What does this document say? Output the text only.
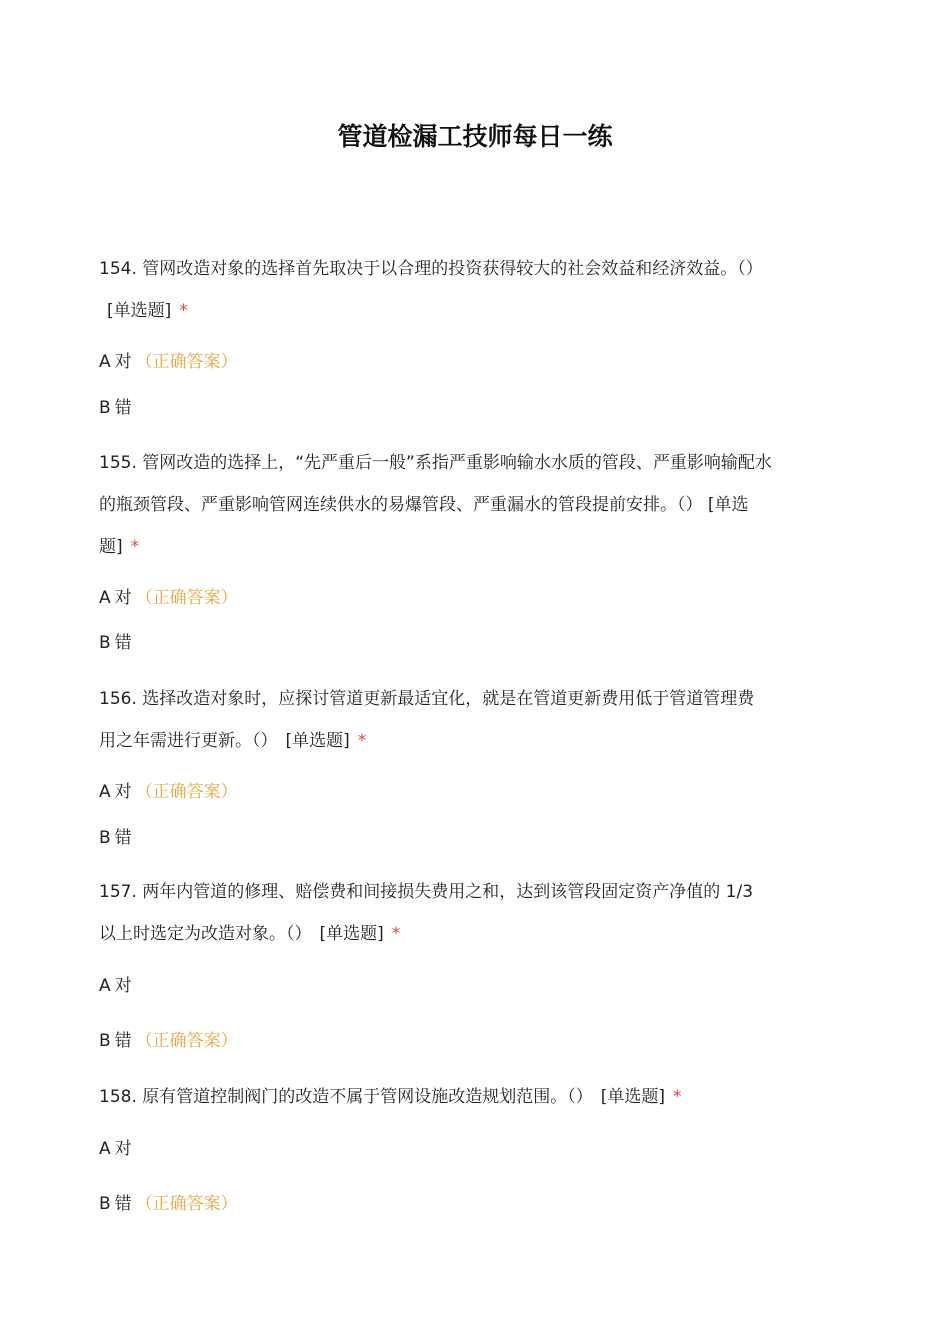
管道检漏工技师每日一练
154. 管网改造对象的选择首先取决于以合理的投资获得较大的社会效益和经济效益。（）
[单选题] *
A 对 （正确答案）
B 错
155. 管网改造的选择上，“先严重后一般”系指严重影响输水水质的管段、严重影响输配水
的瓶颈管段、严重影响管网连续供水的易爆管段、严重漏水的管段提前安排。（） [单选
题] *
A 对 （正确答案）
B 错
156. 选择改造对象时，应探讨管道更新最适宜化，就是在管道更新费用低于管道管理费
用之年需进行更新。（） [单选题] *
A 对 （正确答案）
B 错
157. 两年内管道的修理、赔偿费和间接损失费用之和，达到该管段固定资产净值的 1/3
以上时选定为改造对象。（） [单选题] *
A 对
B 错 （正确答案）
158. 原有管道控制阀门的改造不属于管网设施改造规划范围。（） [单选题] *
A 对
B 错 （正确答案）
